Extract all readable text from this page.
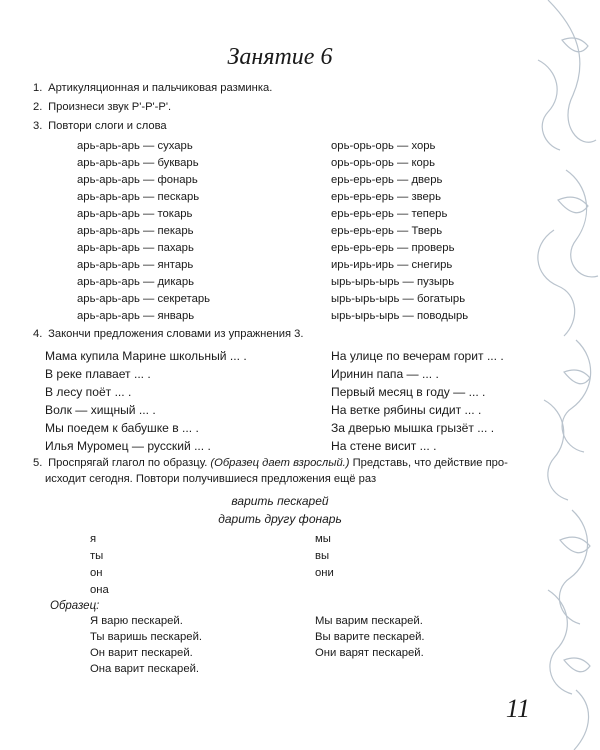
Занятие 6
1. Артикуляционная и пальчиковая разминка.
2. Произнеси звук Р'-Р'-Р'.
3. Повтори слоги и слова
арь-арь-арь — сухарь
арь-арь-арь — букварь
арь-арь-арь — фонарь
арь-арь-арь — пескарь
арь-арь-арь — токарь
арь-арь-арь — пекарь
арь-арь-арь — пахарь
арь-арь-арь — янтарь
арь-арь-арь — дикарь
арь-арь-арь — секретарь
арь-арь-арь — январь
орь-орь-орь — хорь
орь-орь-орь — корь
ерь-ерь-ерь — дверь
ерь-ерь-ерь — зверь
ерь-ерь-ерь — теперь
ерь-ерь-ерь — Тверь
ерь-ерь-ерь — проверь
ирь-ирь-ирь — снегирь
ырь-ырь-ырь — пузырь
ырь-ырь-ырь — богатырь
ырь-ырь-ырь — поводырь
4. Закончи предложения словами из упражнения 3.
Мама купила Марине школьный ... .
В реке плавает ... .
В лесу поёт ... .
Волк — хищный ... .
Мы поедем к бабушке в ... .
Илья Муромец — русский ... .
На улице по вечерам горит ... .
Иринин папа — ... .
Первый месяц в году — ... .
На ветке рябины сидит ... .
За дверью мышка грызёт ... .
На стене висит ... .
5. Проспрягай глагол по образцу. (Образец дает взрослый.) Представь, что действие про-
исходит сегодня. Повтори получившиеся предложения ещё раз
варить пескарей
дарить другу фонарь
я
ты
он
она
мы
вы
они
Образец:
Я варю пескарей.
Ты варишь пескарей.
Он варит пескарей.
Она варит пескарей.
Мы варим пескарей.
Вы варите пескарей.
Они варят пескарей.
11
